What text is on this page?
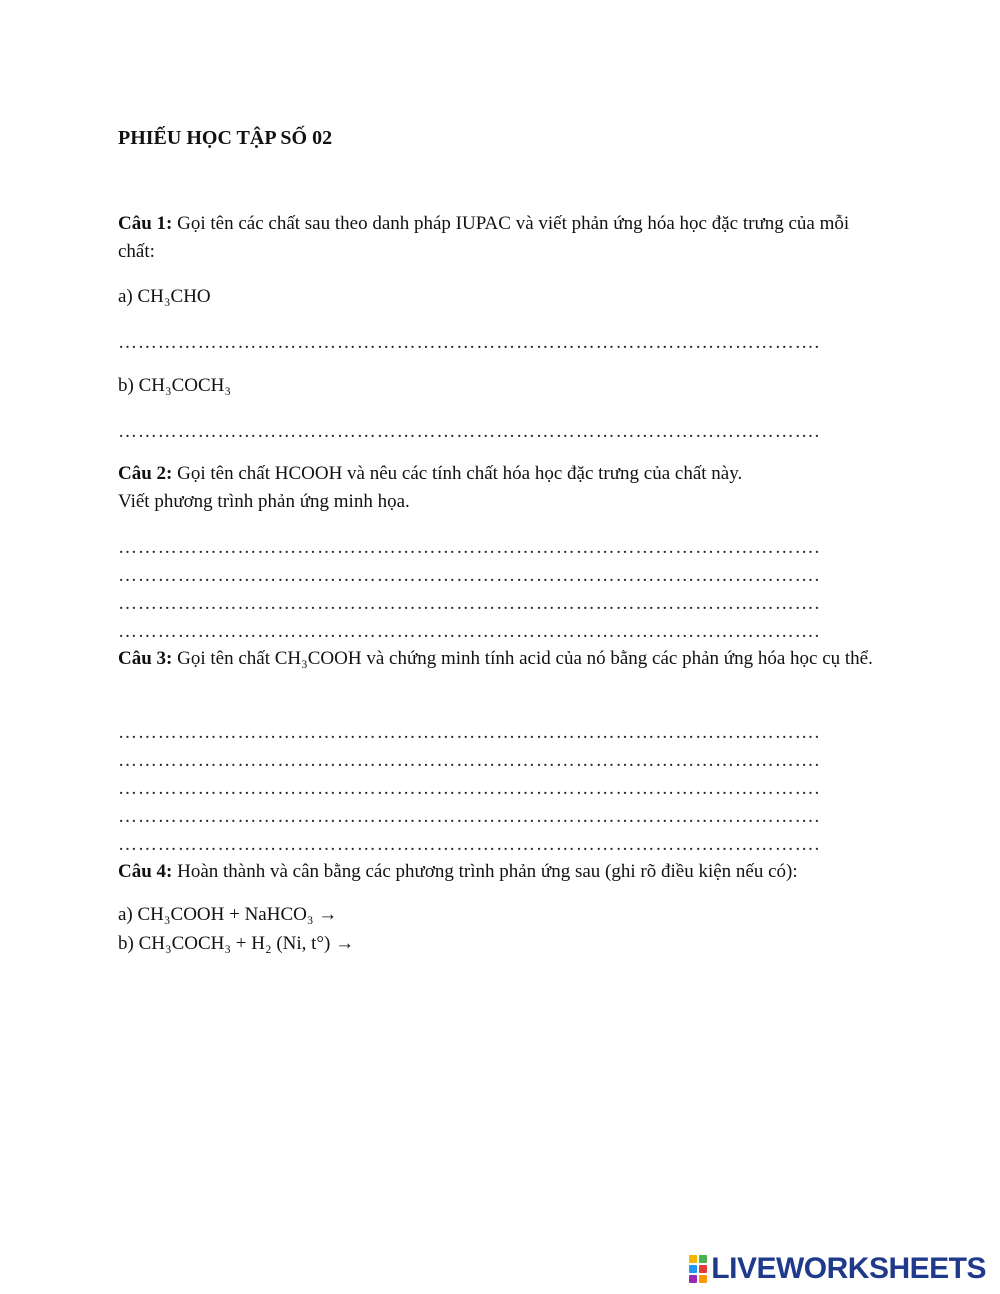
PHIẾU HỌC TẬP SỐ 02
Câu 1: Gọi tên các chất sau theo danh pháp IUPAC và viết phản ứng hóa học đặc trưng của mỗi chất:
a) CH₃CHO
…………………………………………………………………………………………….
b) CH₃COCH₃
…………………………………………………………………………………………….
Câu 2: Gọi tên chất HCOOH và nêu các tính chất hóa học đặc trưng của chất này.
Viết phương trình phản ứng minh họa.
…………………………………………………………………………………………….
…………………………………………………………………………………………….
…………………………………………………………………………………………….
…………………………………………………………………………………………….
Câu 3: Gọi tên chất CH₃COOH và chứng minh tính acid của nó bằng các phản ứng hóa học cụ thể.
…………………………………………………………………………………………….
…………………………………………………………………………………………….
…………………………………………………………………………………………….
…………………………………………………………………………………………….
…………………………………………………………………………………………….
Câu 4: Hoàn thành và cân bằng các phương trình phản ứng sau (ghi rõ điều kiện nếu có):
a) CH₃COOH + NaHCO₃ →
b) CH₃COCH₃ + H₂ (Ni, t°) →
LIVEWORKSHEETS
